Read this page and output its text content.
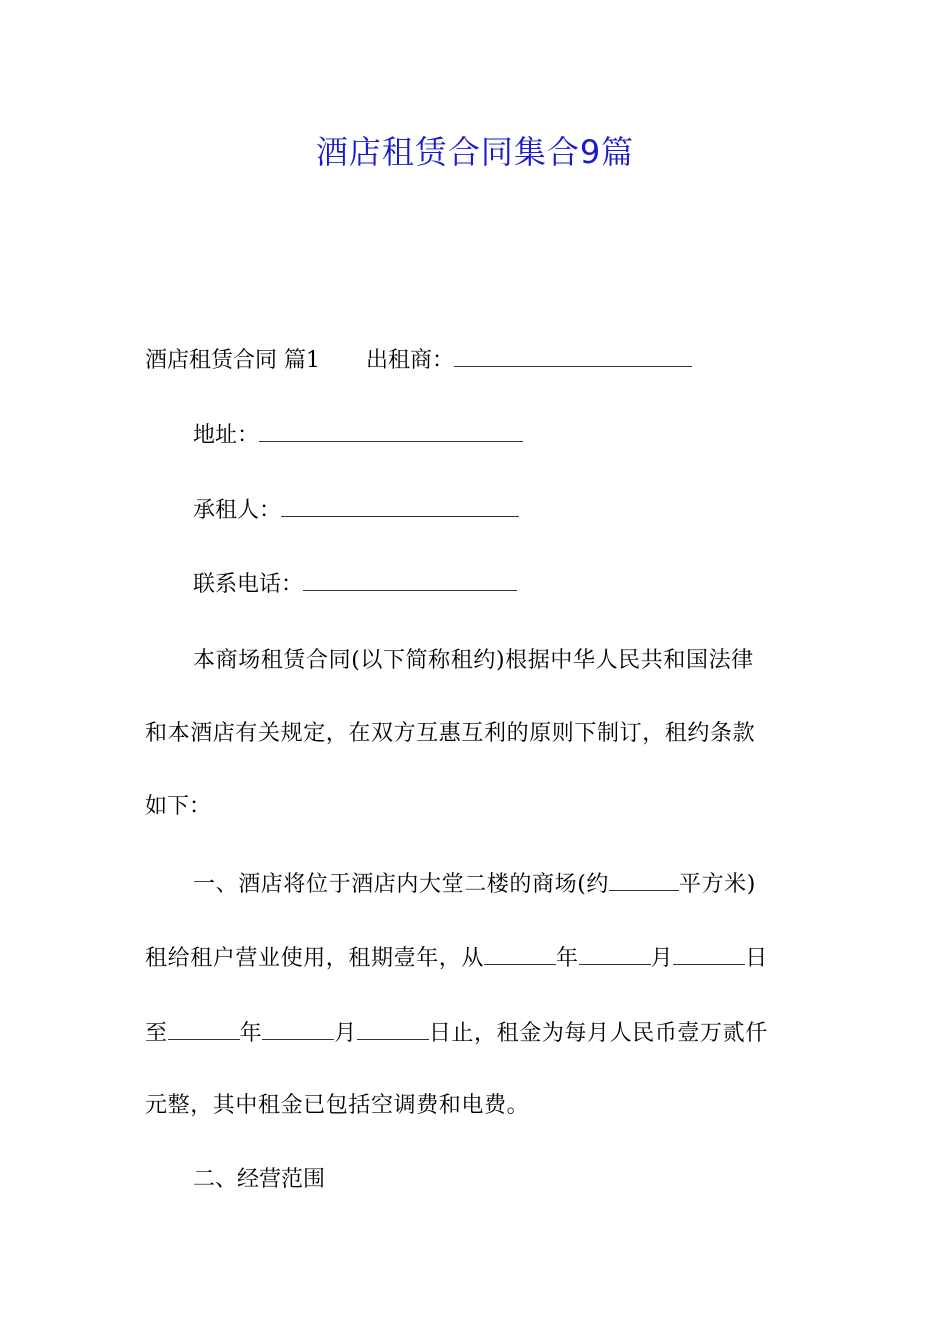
酒店租赁合同集合9篇
酒店租赁合同 篇1 出租商：
地址：
承租人：
联系电话：
本商场租赁合同(以下简称租约)根据中华人民共和国法律
和本酒店有关规定，在双方互惠互利的原则下制订，租约条款
如下：
一、酒店将位于酒店内大堂二楼的商场(约	平方米)
租给租户营业使用，租期壹年，从	年	月	日
至	年	月	日止，租金为每月人民币壹万贰仟
元整，其中租金已包括空调费和电费。
二、经营范围
